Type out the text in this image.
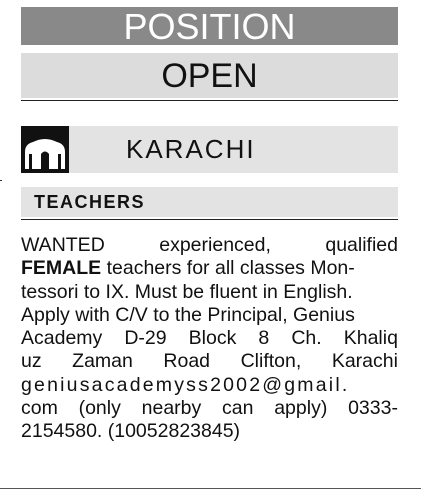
POSITION
OPEN
KARACHI
TEACHERS
WANTED	experienced,	qualified
FEMALE teachers for all classes Mon-
tessori to IX. Must be fluent in English.
Apply with C/V to the Principal, Genius
Academy D-29 Block 8 Ch. Khaliq
uz Zaman Road Clifton, Karachi
geniusacademyss2002@gmail.
com (only nearby can apply) 0333-
2154580. (10052823845)
